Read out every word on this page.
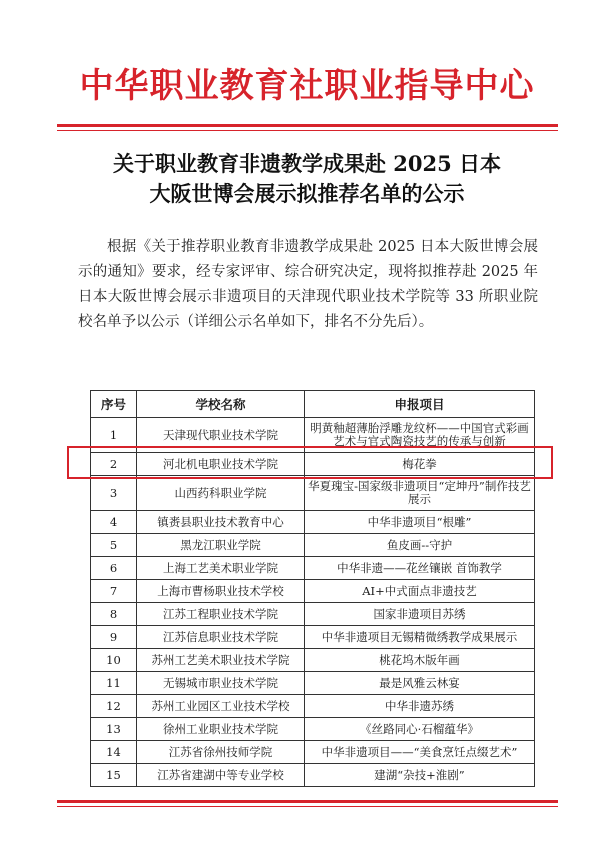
中华职业教育社职业指导中心
关于职业教育非遗教学成果赴 2025 日本
大阪世博会展示拟推荐名单的公示
根据《关于推荐职业教育非遗教学成果赴 2025 日本大阪世博会展示的通知》要求，经专家评审、综合研究决定，现将拟推荐赴 2025 年日本大阪世博会展示非遗项目的天津现代职业技术学院等 33 所职业院校名单予以公示（详细公示名单如下，排名不分先后）。
序号	学校名称	申报项目
1	天津现代职业技术学院	明黄釉超薄胎浮雕龙纹杯——中国官式彩画艺术与官式陶瓷技艺的传承与创新
2	河北机电职业技术学院	梅花拳
3	山西药科职业学院	华夏瑰宝-国家级非遗项目“定坤丹”制作技艺展示
4	镇赉县职业技术教育中心	中华非遗项目“根雕”
5	黑龙江职业学院	鱼皮画--守护
6	上海工艺美术职业学院	中华非遗——花丝镶嵌 首饰教学
7	上海市曹杨职业技术学校	AI+中式面点非遗技艺
8	江苏工程职业技术学院	国家非遗项目苏绣
9	江苏信息职业技术学院	中华非遗项目无锡精微绣教学成果展示
10	苏州工艺美术职业技术学院	桃花坞木版年画
11	无锡城市职业技术学院	最是风雅云林宴
12	苏州工业园区工业技术学校	中华非遗苏绣
13	徐州工业职业技术学院	《丝路同心·石榴蕴华》
14	江苏省徐州技师学院	中华非遗项目——“美食烹饪点缀艺术”
15	江苏省建湖中等专业学校	建湖“杂技+淮剧”
